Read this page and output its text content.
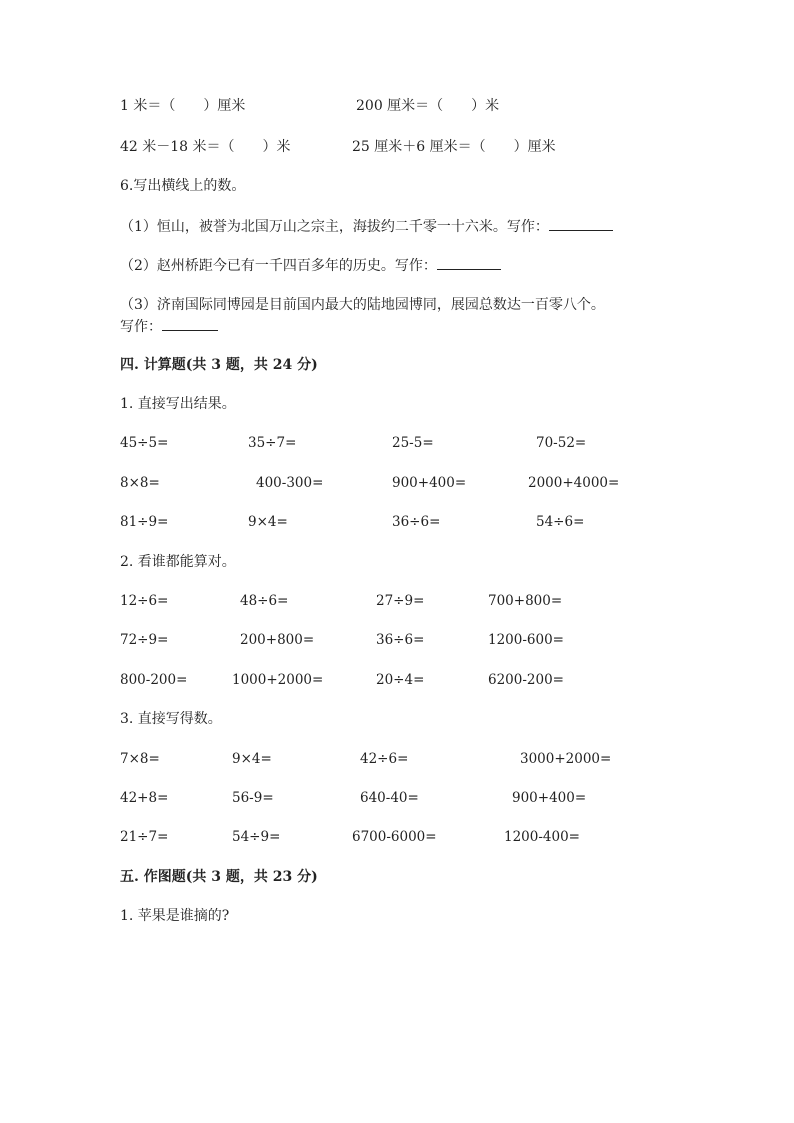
1 米＝（　　）厘米	200 厘米＝（　　）米
42 米－18 米＝（　　）米	25 厘米＋6 厘米＝（　　）厘米
6.写出横线上的数。
（1）恒山，被誉为北国万山之宗主，海拔约二千零一十六米。写作：
（2）赵州桥距今已有一千四百多年的历史。写作：
（3）济南国际同博园是目前国内最大的陆地园博同，展园总数达一百零八个。
写作：
四. 计算题(共 3 题，共 24 分)
1. 直接写出结果。
45÷5=	35÷7=	25-5=	70-52=
8×8=	400-300=	900+400=	2000+4000=
81÷9=	9×4=	36÷6=	54÷6=
2. 看谁都能算对。
12÷6=	48÷6=	27÷9=	700+800=
72÷9=	200+800=	36÷6=	1200-600=
800-200=	1000+2000=	20÷4=	6200-200=
3. 直接写得数。
7×8=	9×4=	42÷6=	3000+2000=
42+8=	56-9=	640-40=	900+400=
21÷7=	54÷9=	6700-6000=	1200-400=
五. 作图题(共 3 题，共 23 分)
1. 苹果是谁摘的?
